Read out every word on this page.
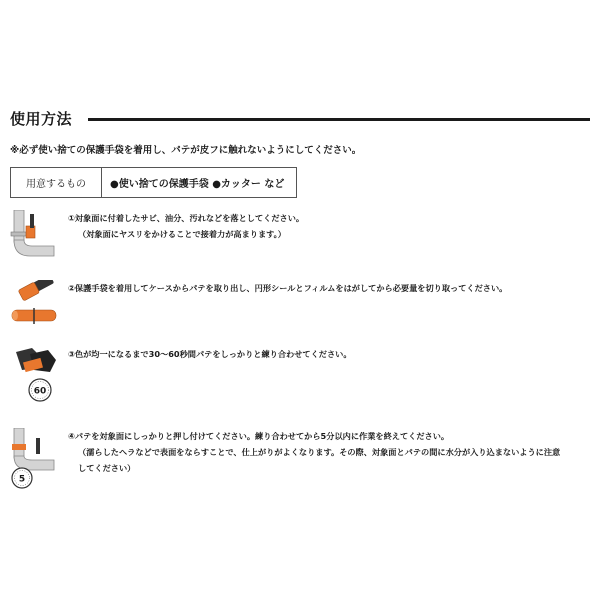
使用方法
※必ず使い捨ての保護手袋を着用し、パテが皮フに触れないようにしてください。
用意するもの	●使い捨ての保護手袋 ●カッター など
①対象面に付着したサビ、油分、汚れなどを落としてください。
（対象面にヤスリをかけることで接着力が高まります。）
②保護手袋を着用してケースからパテを取り出し、円形シールとフィルムをはがしてから必要量を切り取ってください。
60
③色が均一になるまで30〜60秒間パテをしっかりと練り合わせてください。
5
④パテを対象面にしっかりと押し付けてください。練り合わせてから5分以内に作業を終えてください。
（濡らしたヘラなどで表面をならすことで、仕上がりがよくなります。その際、対象面とパテの間に水分が入り込まないように注意
してください）
